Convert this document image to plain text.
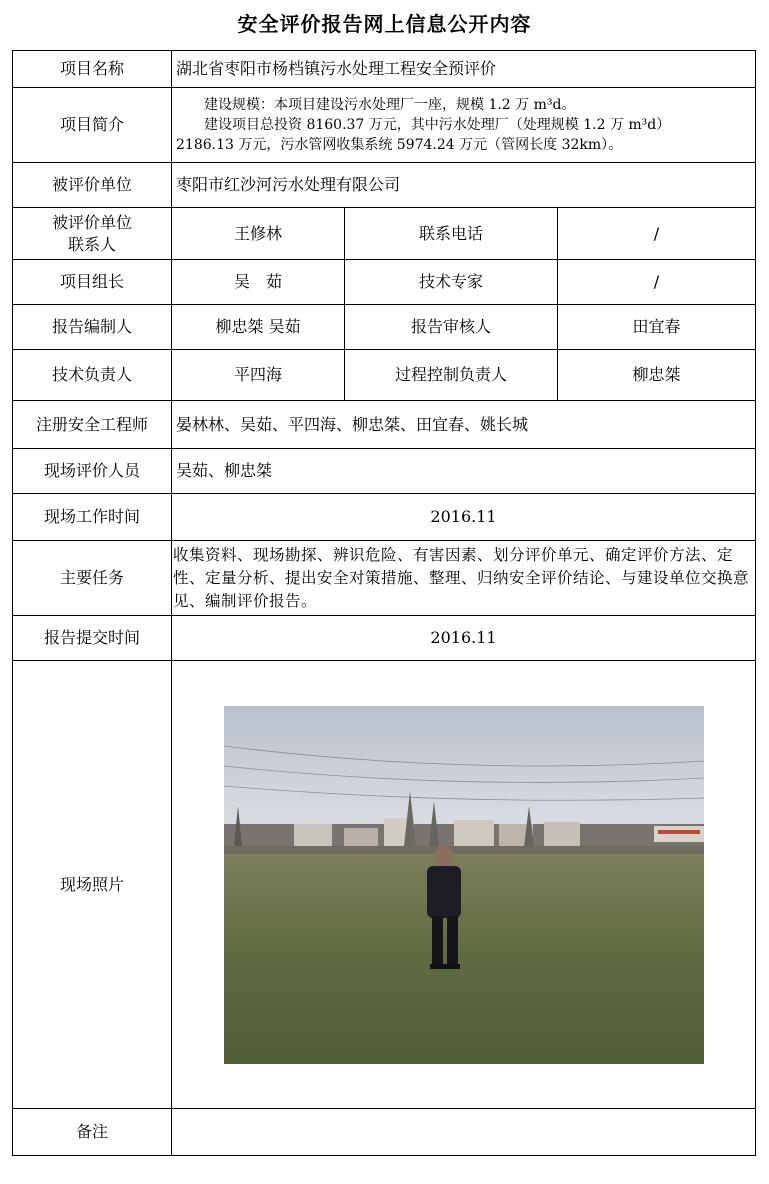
安全评价报告网上信息公开内容
项目名称	湖北省枣阳市杨档镇污水处理工程安全预评价		
项目简介	建设规模：本项目建设污水处理厂一座，规模 1.2 万 m³d。

建设项目总投资 8160.37 万元，其中污水处理厂（处理规模 1.2 万 m³d）

2186.13 万元，污水管网收集系统 5974.24 万元（管网长度 32km）。		

被评价单位	枣阳市红沙河污水处理有限公司		

被评价单位
联系人	王修林	联系电话	/
项目组长	吴　茹	技术专家	/
报告编制人	柳忠桀 吴茹	报告审核人	田宜春
技术负责人	平四海	过程控制负责人	柳忠桀
注册安全工程师	晏林林、吴茹、平四海、柳忠桀、田宜春、姚长城		
现场评价人员	吴茹、柳忠桀		
现场工作时间	2016.11		
主要任务	收集资料、现场勘探、辨识危险、有害因素、划分评价单元、确定评价方法、定性、定量分析、提出安全对策措施、整理、归纳安全评价结论、与建设单位交换意见、编制评价报告。		
报告提交时间	2016.11		
现场照片	

备注			
